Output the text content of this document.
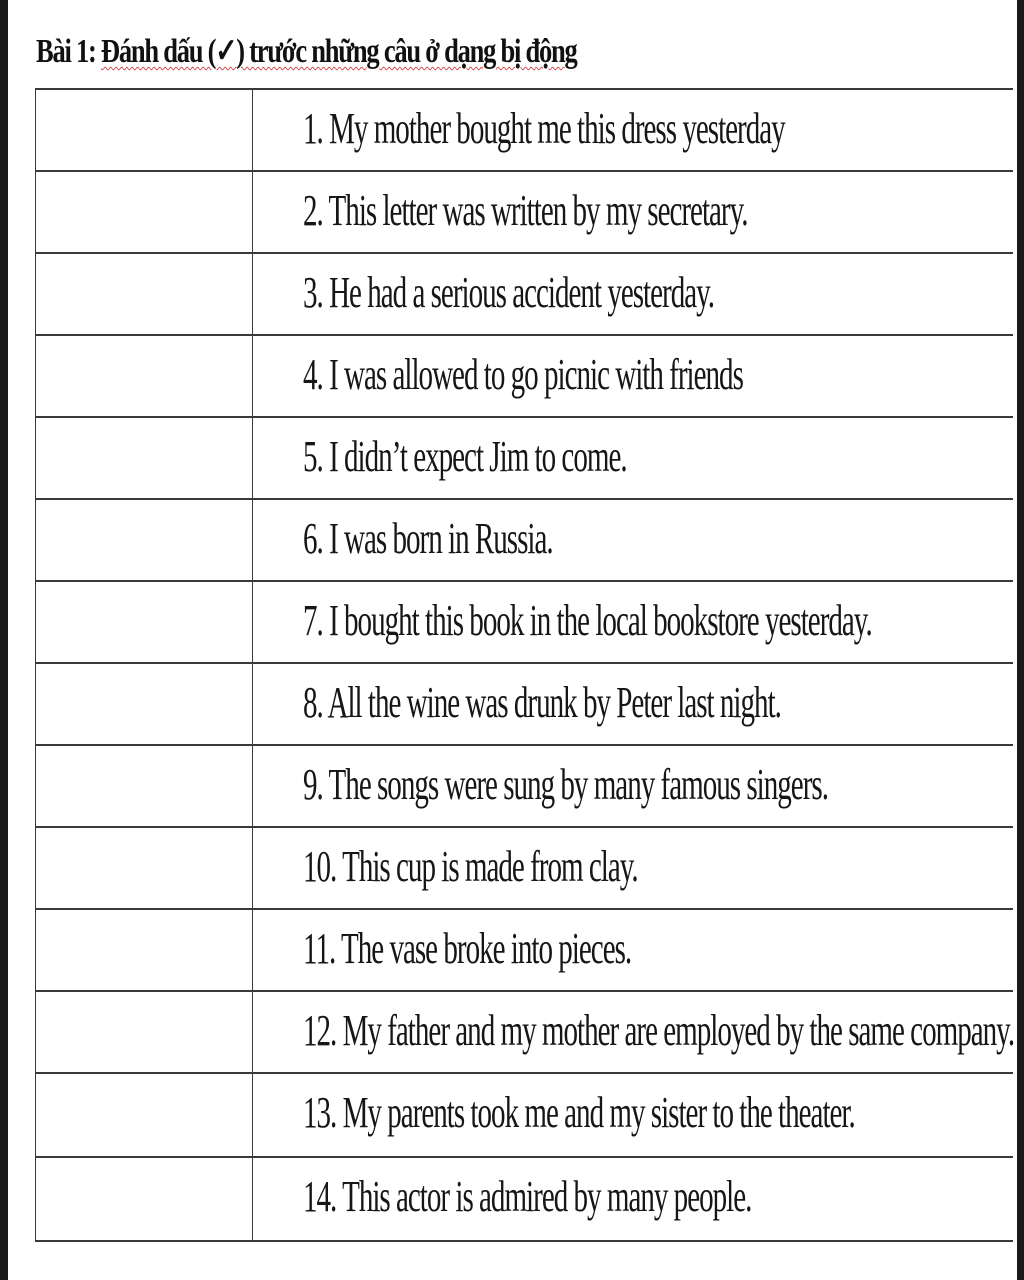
Bài 1: Đánh dấu (✓) trước những câu ở dạng bị động
1. My mother bought me this dress yesterday
2. This letter was written by my secretary.
3. He had a serious accident yesterday.
4. I was allowed to go picnic with friends
5. I didn’t expect Jim to come.
6. I was born in Russia.
7. I bought this book in the local bookstore yesterday.
8. All the wine was drunk by Peter last night.
9. The songs were sung by many famous singers.
10. This cup is made from clay.
11. The vase broke into pieces.
12. My father and my mother are employed by the same company.
13. My parents took me and my sister to the theater.
14. This actor is admired by many people.
